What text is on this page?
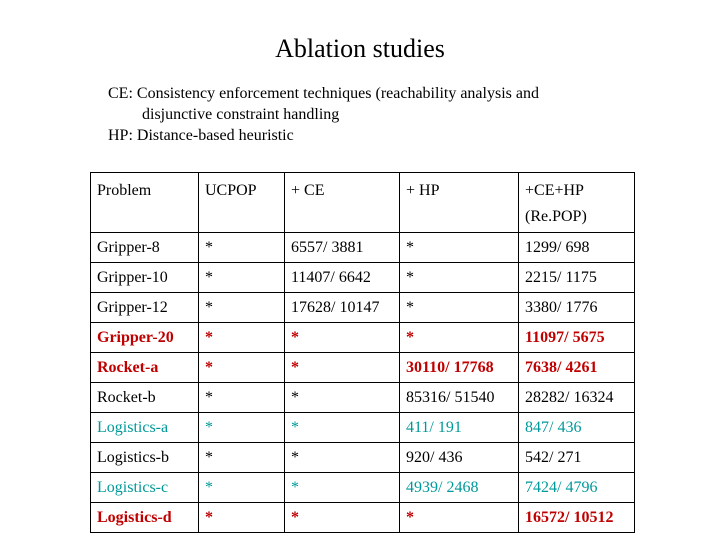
Ablation studies
CE: Consistency enforcement techniques (reachability analysis and
disjunctive constraint handling
HP: Distance-based heuristic
Problem	UCPOP	+ CE	+ HP	+CE+HP
(Re.POP)
Gripper-8	*	6557/ 3881	*	1299/ 698
Gripper-10	*	11407/ 6642	*	2215/ 1175
Gripper-12	*	17628/ 10147	*	3380/ 1776
Gripper-20	*	*	*	11097/ 5675
Rocket-a	*	*	30110/ 17768	7638/ 4261
Rocket-b	*	*	85316/ 51540	28282/ 16324
Logistics-a	*	*	411/ 191	847/ 436
Logistics-b	*	*	920/ 436	542/ 271
Logistics-c	*	*	4939/ 2468	7424/ 4796
Logistics-d	*	*	*	16572/ 10512
